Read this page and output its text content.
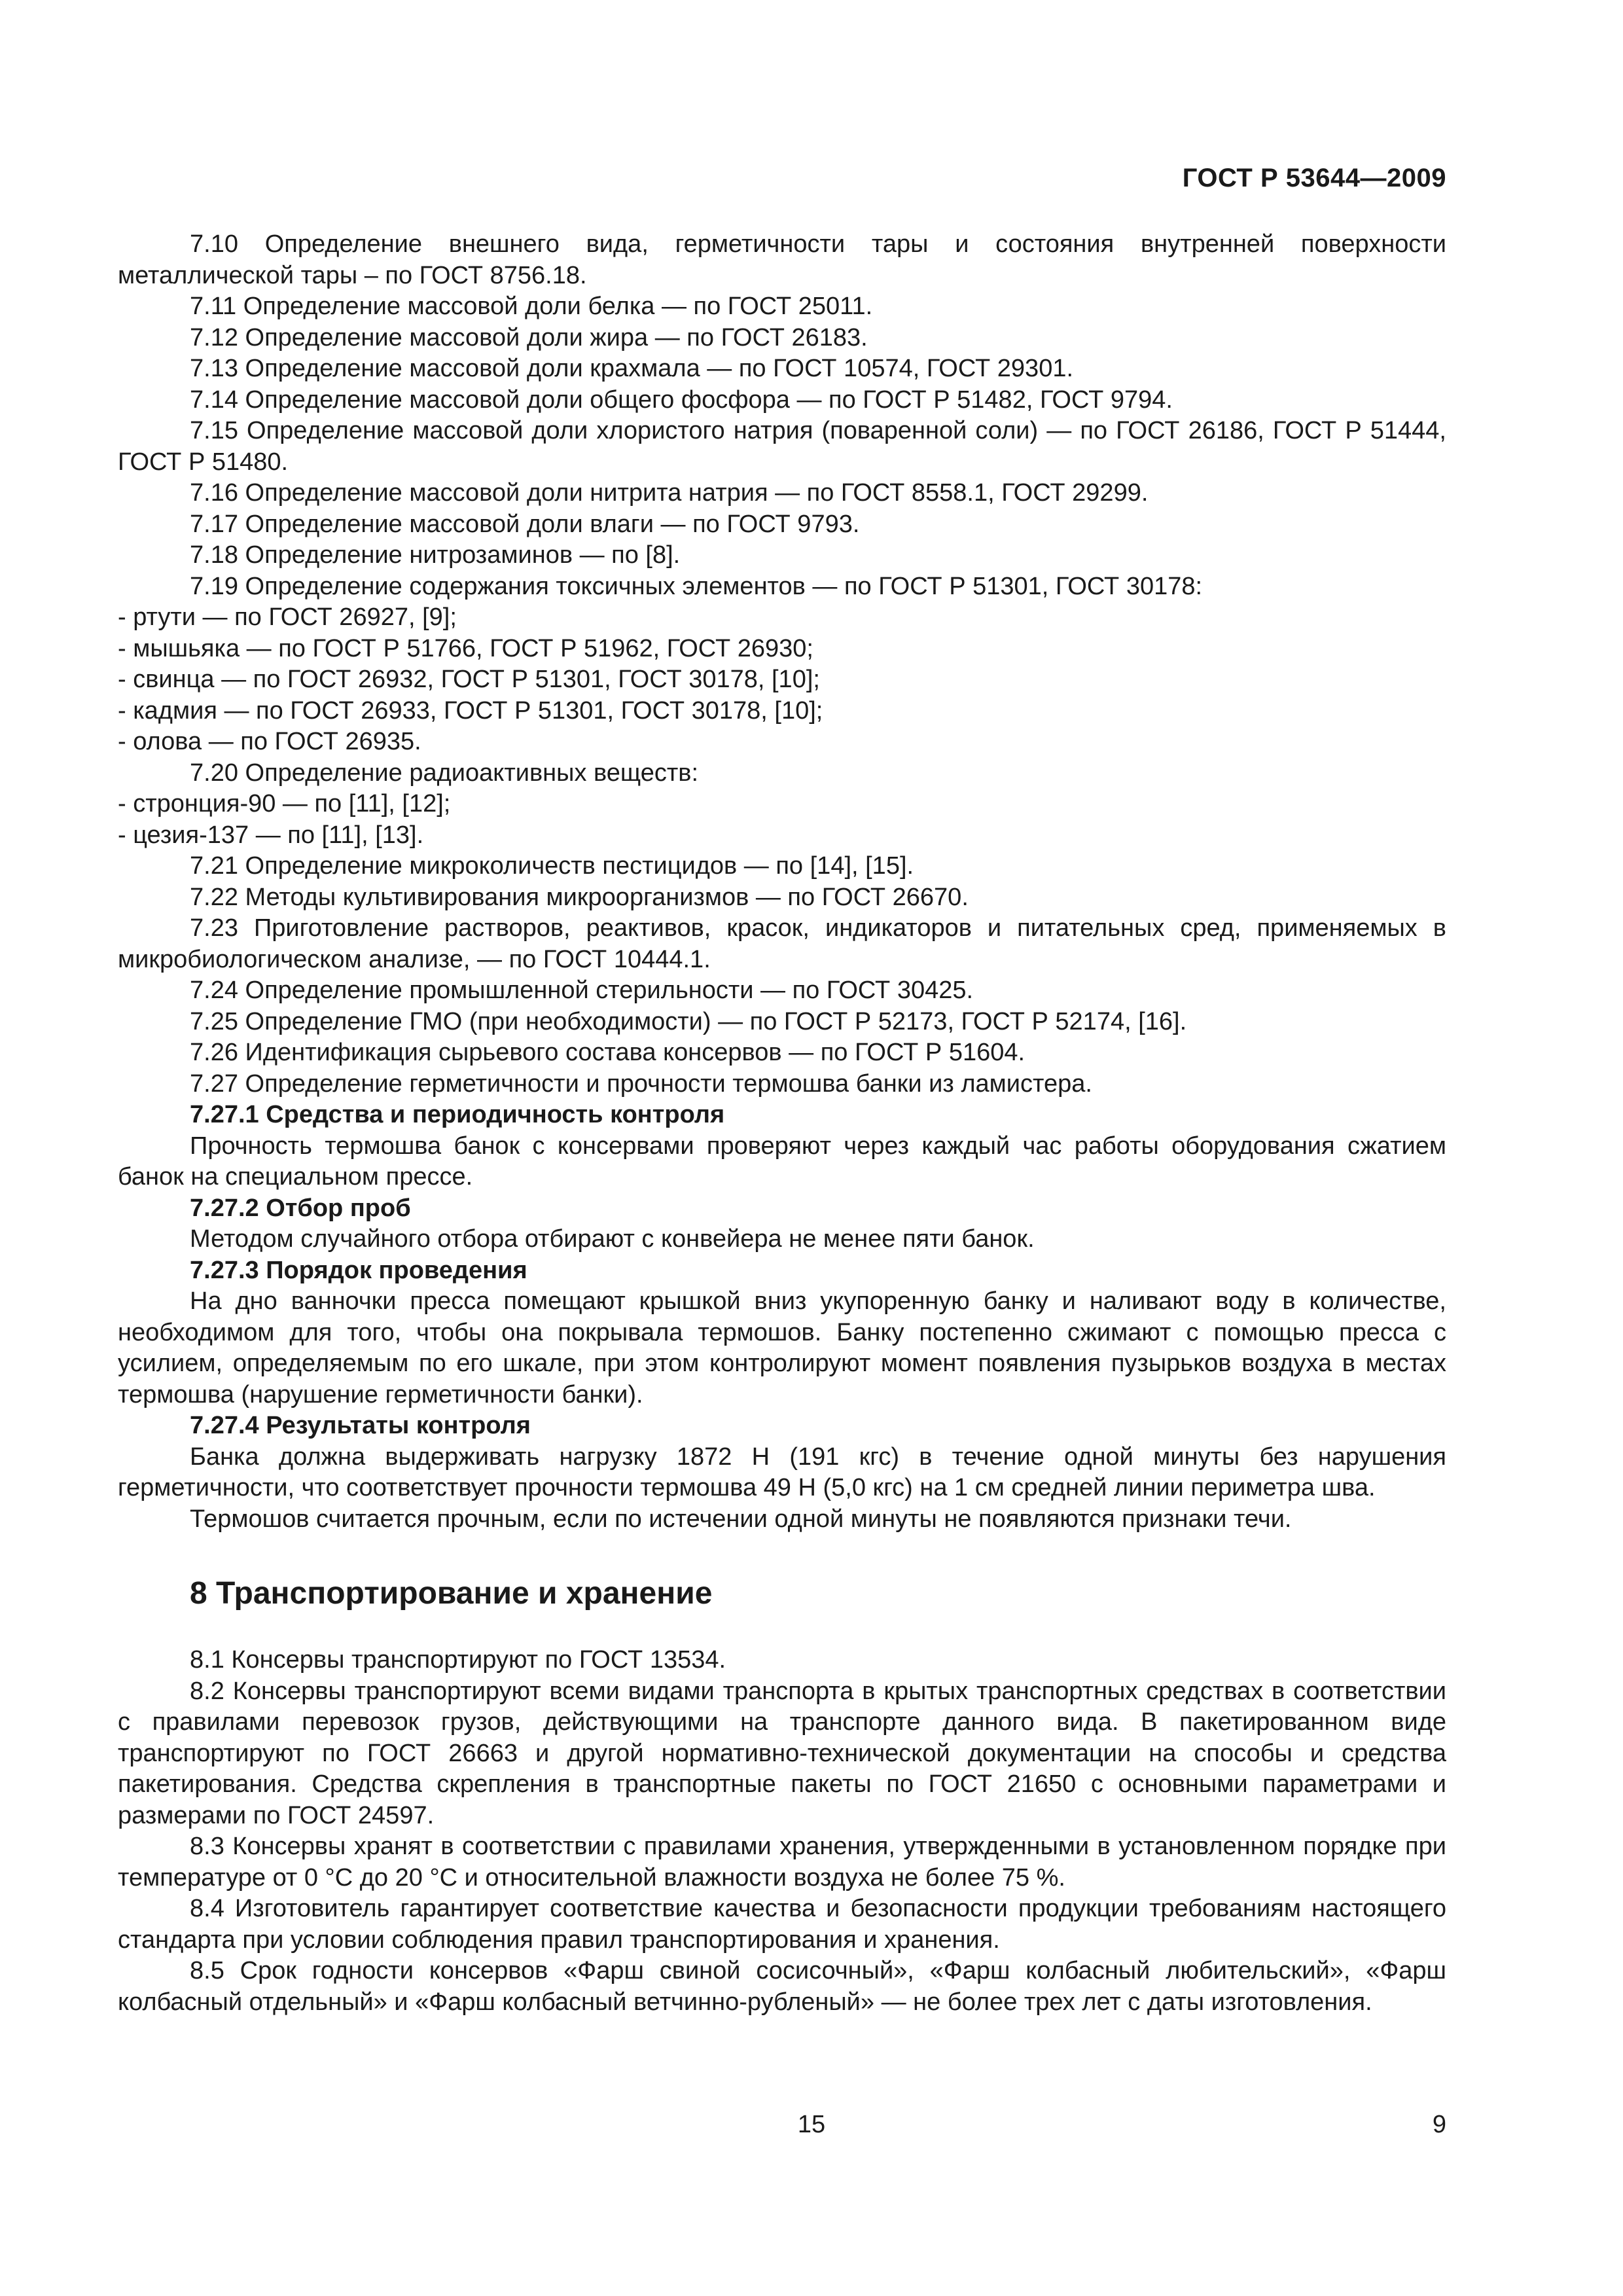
ГОСТ Р 53644—2009

7.10 Определение внешнего вида, герметичности тары и состояния внутренней поверхности металлической тары – по ГОСТ 8756.18.

7.11 Определение массовой доли белка — по ГОСТ 25011.

7.12 Определение массовой доли жира — по ГОСТ 26183.

7.13 Определение массовой доли крахмала — по ГОСТ 10574, ГОСТ 29301.

7.14 Определение массовой доли общего фосфора — по ГОСТ Р 51482, ГОСТ 9794.

7.15 Определение массовой доли хлористого натрия (поваренной соли) — по ГОСТ 26186, ГОСТ Р 51444, ГОСТ Р 51480.

7.16 Определение массовой доли нитрита натрия — по ГОСТ 8558.1, ГОСТ 29299.

7.17 Определение массовой доли влаги — по ГОСТ 9793.

7.18 Определение нитрозаминов — по [8].

7.19 Определение содержания токсичных элементов — по ГОСТ Р 51301, ГОСТ 30178:

- ртути — по ГОСТ 26927, [9];

- мышьяка — по ГОСТ Р 51766, ГОСТ Р 51962, ГОСТ 26930;

- свинца — по ГОСТ 26932, ГОСТ Р 51301, ГОСТ 30178, [10];

- кадмия — по ГОСТ 26933, ГОСТ Р 51301, ГОСТ 30178, [10];

- олова — по ГОСТ 26935.

7.20 Определение радиоактивных веществ:

- стронция-90 — по [11], [12];

- цезия-137 — по [11], [13].

7.21 Определение микроколичеств пестицидов — по [14], [15].

7.22 Методы культивирования микроорганизмов — по ГОСТ 26670.

7.23 Приготовление растворов, реактивов, красок, индикаторов и питательных сред, применяемых в микробиологическом анализе, — по ГОСТ 10444.1.

7.24 Определение промышленной стерильности — по ГОСТ 30425.

7.25 Определение ГМО (при необходимости) — по ГОСТ Р 52173, ГОСТ Р 52174, [16].

7.26 Идентификация сырьевого состава консервов — по ГОСТ Р 51604.

7.27 Определение герметичности и прочности термошва банки из ламистера.

7.27.1 Средства и периодичность контроля

Прочность термошва банок с консервами проверяют через каждый час работы оборудования сжатием банок на специальном прессе.

7.27.2 Отбор проб

Методом случайного отбора отбирают с конвейера не менее пяти банок.

7.27.3 Порядок проведения

На дно ванночки пресса помещают крышкой вниз укупоренную банку и наливают воду в количестве, необходимом для того, чтобы она покрывала термошов. Банку постепенно сжимают с помощью пресса с усилием, определяемым по его шкале, при этом контролируют момент появления пузырьков воздуха в местах термошва (нарушение герметичности банки).

7.27.4 Результаты контроля

Банка должна выдерживать нагрузку 1872 Н (191 кгс) в течение одной минуты без нарушения герметичности, что соответствует прочности термошва 49 Н (5,0 кгс) на 1 см средней линии периметра шва.

Термошов считается прочным, если по истечении одной минуты не появляются признаки течи.

8 Транспортирование и хранение

8.1 Консервы транспортируют по ГОСТ 13534.

8.2 Консервы транспортируют всеми видами транспорта в крытых транспортных средствах в соответствии с правилами перевозок грузов, действующими на транспорте данного вида. В пакетированном виде транспортируют по ГОСТ 26663 и другой нормативно-технической документации на способы и средства пакетирования. Средства скрепления в транспортные пакеты по ГОСТ 21650 с основными параметрами и размерами по ГОСТ 24597.

8.3 Консервы хранят в соответствии с правилами хранения, утвержденными в установленном порядке при температуре от 0 °С до 20 °С и относительной влажности воздуха не более 75 %.

8.4 Изготовитель гарантирует соответствие качества и безопасности продукции требованиям настоящего стандарта при условии соблюдения правил транспортирования и хранения.

8.5 Срок годности консервов «Фарш свиной сосисочный», «Фарш колбасный любительский», «Фарш колбасный отдельный» и «Фарш колбасный ветчинно-рубленый» — не более трех лет с даты изготовления.

15	9
